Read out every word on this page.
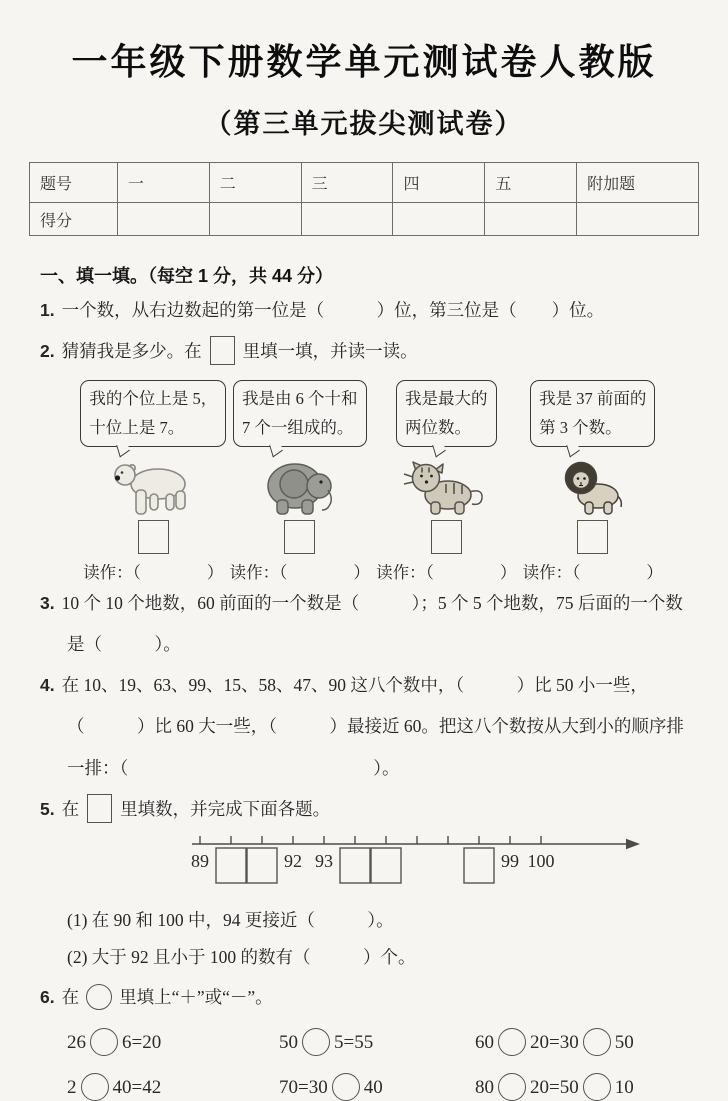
一年级下册数学单元测试卷人教版
（第三单元拔尖测试卷）
题号	一	二	三	四	五	附加题
得分						
一、填一填。（每空 1 分，共 44 分）

1. 一个数，从右边数起的第一位是（　　　）位，第三位是（　　）位。

2. 猜猜我是多少。在 里填一填，并读一读。

我的个位上是 5，
十位上是 7。
读作：（　　　　）
我是由 6 个十和
7 个一组成的。
读作：（　　　　）
我是最大的
两位数。
读作：（　　　　）
我是 37 前面的
第 3 个数。
读作：（　　　　）

3. 10 个 10 个地数，60 前面的一个数是（　　　）；5 个 5 个地数，75 后面的一个数是（　　　）。

4. 在 10、19、63、99、15、58、47、90 这八个数中，（　　　）比 50 小一些，（　　　）比 60 大一些，（　　　）最接近 60。把这八个数按从大到小的顺序排一排：（　　　　　　　　　　　　　　）。

5. 在 里填数，并完成下面各题。

89	92 93	99 100

(1) 在 90 和 100 中，94 更接近（　　　）。

(2) 大于 92 且小于 100 的数有（　　　）个。

6. 在 里填上“＋”或“－”。

26 6=20	50 5=55	60 20=30 50
2 40=42	70=30 40	80 20=50 10
